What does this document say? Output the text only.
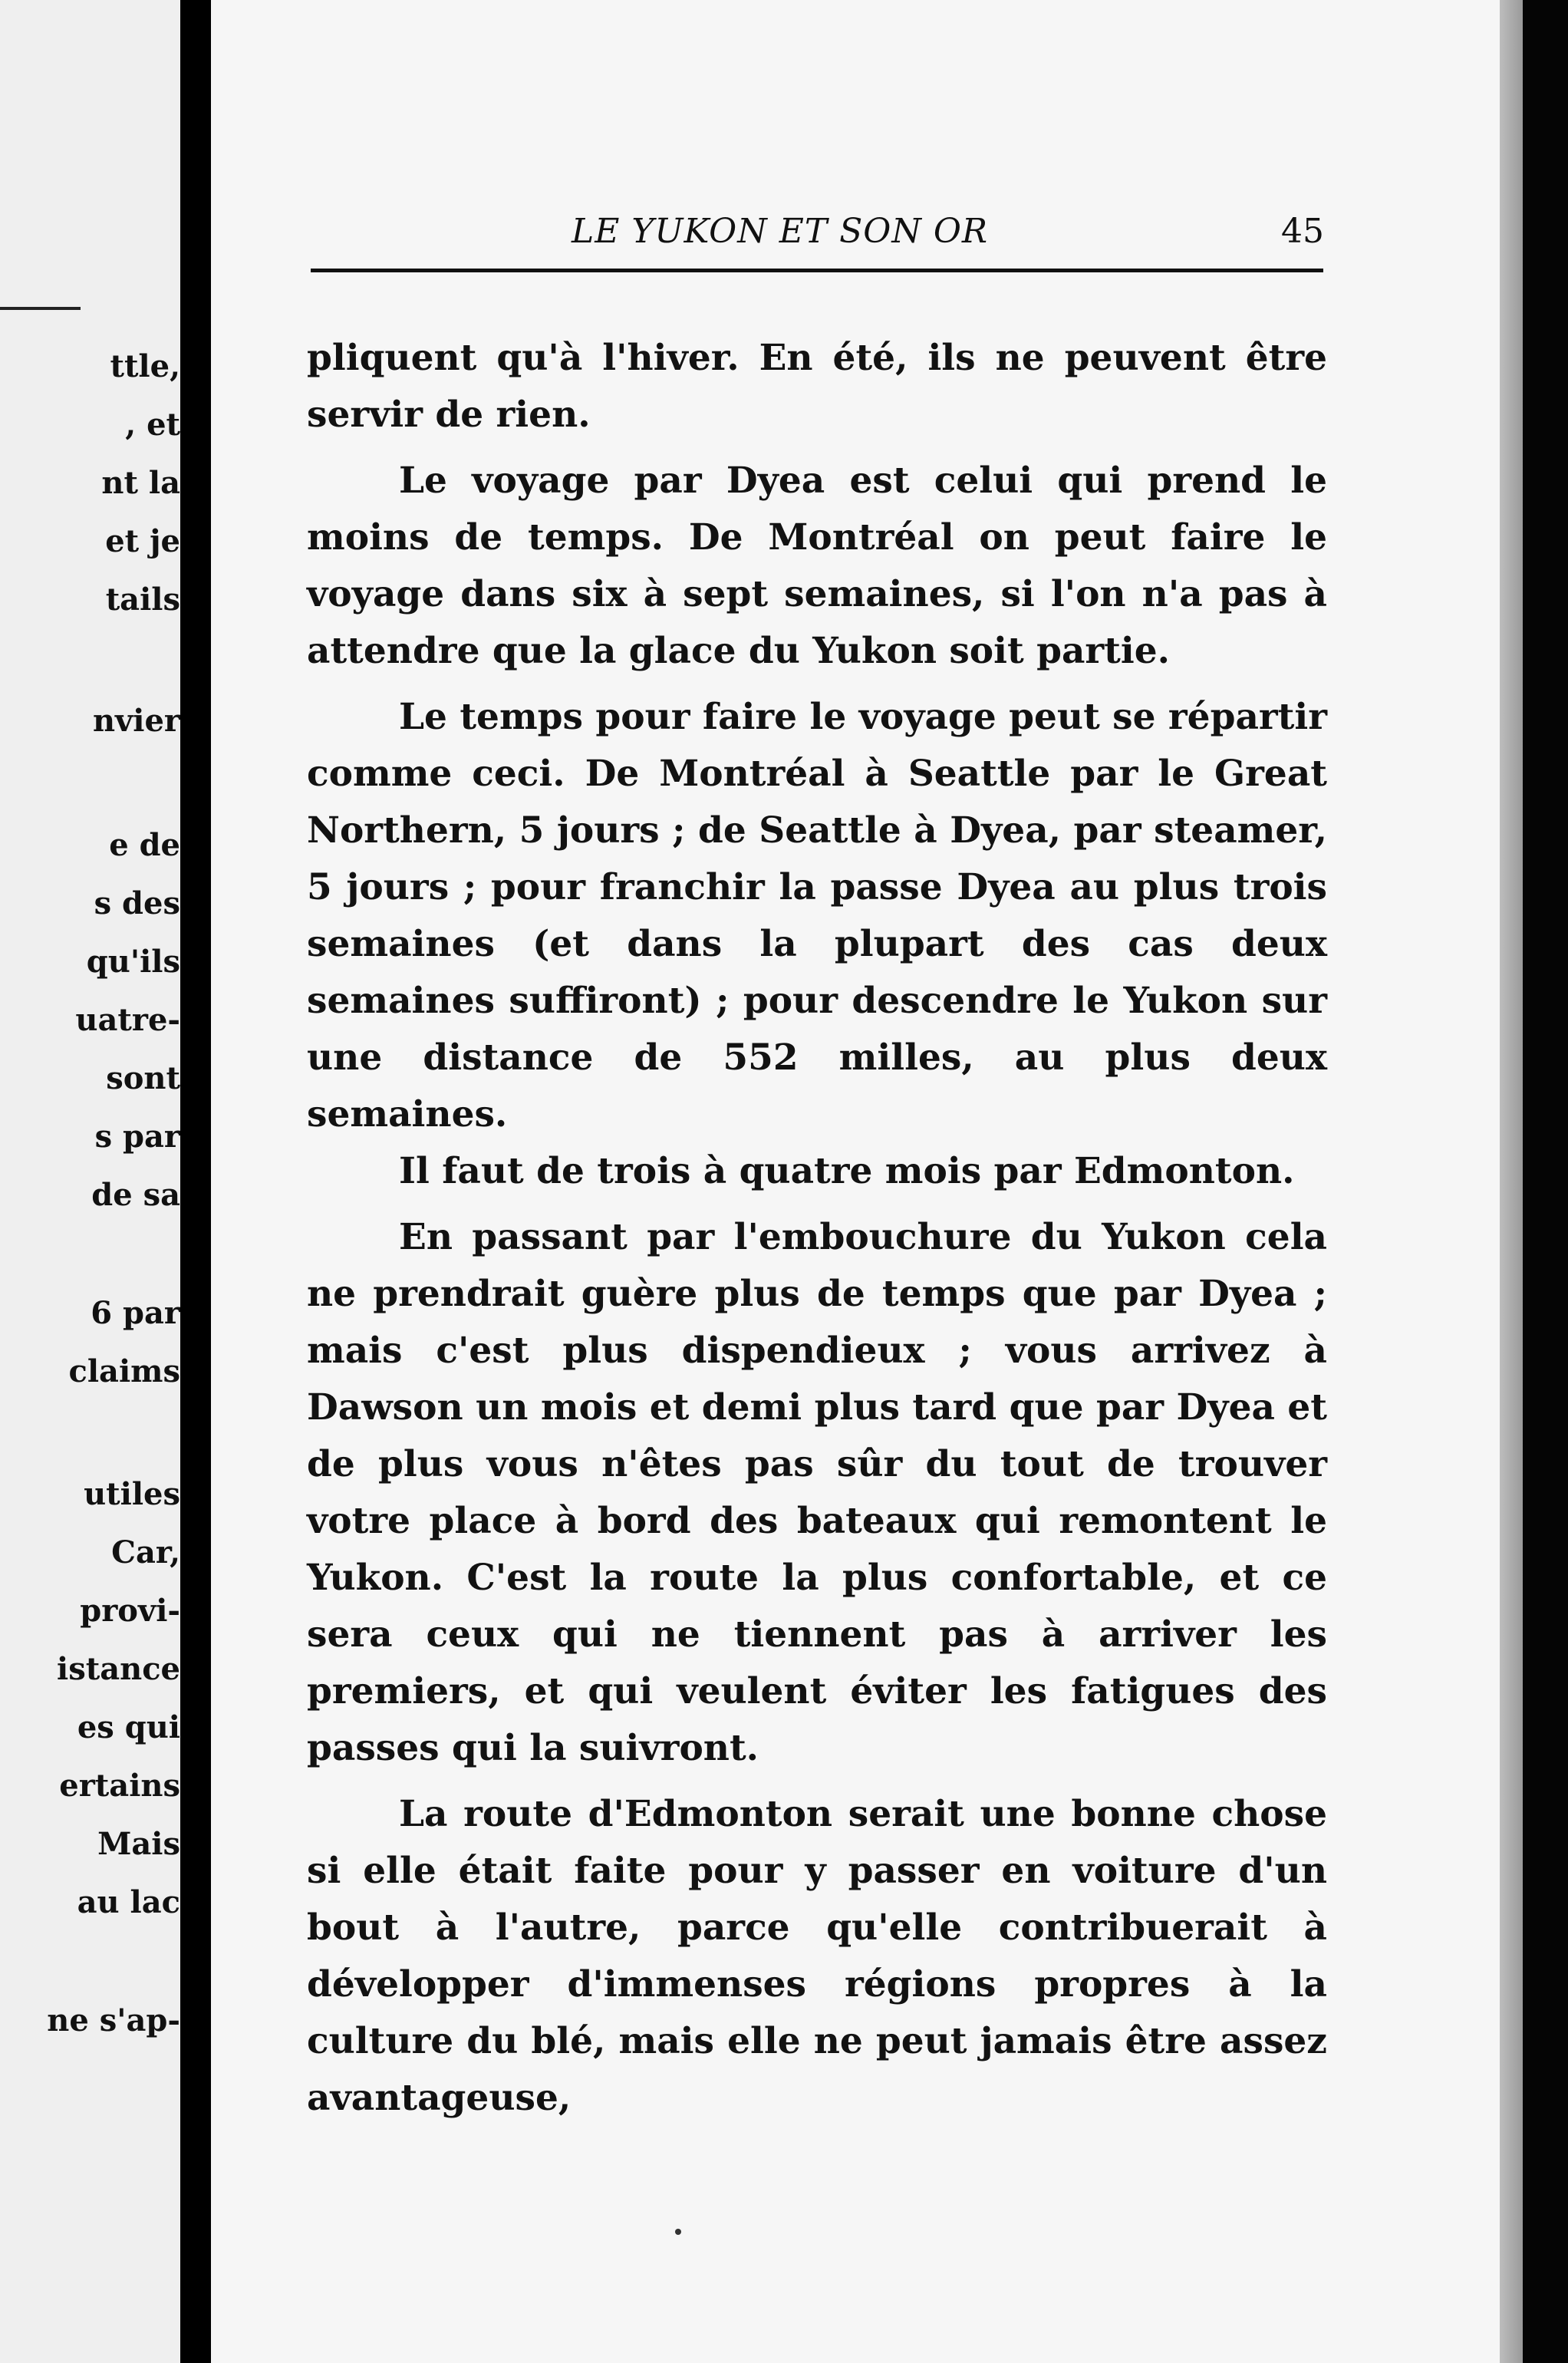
ttle,
, et
nt la
et je
tails
nvier
e de
s des
qu'ils
uatre-
sont
s par
de sa
6 par
claims
utiles
Car,
provi-
istance
es qui
ertains
Mais
au lac
ne s'ap-
LE YUKON ET SON OR	45

pliquent qu'à l'hiver. En été, ils ne peuvent être servir de rien.

Le voyage par Dyea est celui qui prend le moins de temps. De Montréal on peut faire le voyage dans six à sept semaines, si l'on n'a pas à attendre que la glace du Yukon soit partie.

Le temps pour faire le voyage peut se répartir comme ceci. De Montréal à Seattle par le Great Northern, 5 jours ; de Seattle à Dyea, par steamer, 5 jours ; pour franchir la passe Dyea au plus trois semaines (et dans la plupart des cas deux semaines suffiront) ; pour descendre le Yukon sur une distance de 552 milles, au plus deux semaines.

Il faut de trois à quatre mois par Edmonton.

En passant par l'embouchure du Yukon cela ne prendrait guère plus de temps que par Dyea ; mais c'est plus dispendieux ; vous arrivez à Dawson un mois et demi plus tard que par Dyea et de plus vous n'êtes pas sûr du tout de trouver votre place à bord des bateaux qui remontent le Yukon. C'est la route la plus confortable, et ce sera ceux qui ne tiennent pas à arriver les premiers, et qui veulent éviter les fatigues des passes qui la suivront.

La route d'Edmonton serait une bonne chose si elle était faite pour y passer en voiture d'un bout à l'autre, parce qu'elle contribuerait à développer d'immenses régions propres à la culture du blé, mais elle ne peut jamais être assez avantageuse,
